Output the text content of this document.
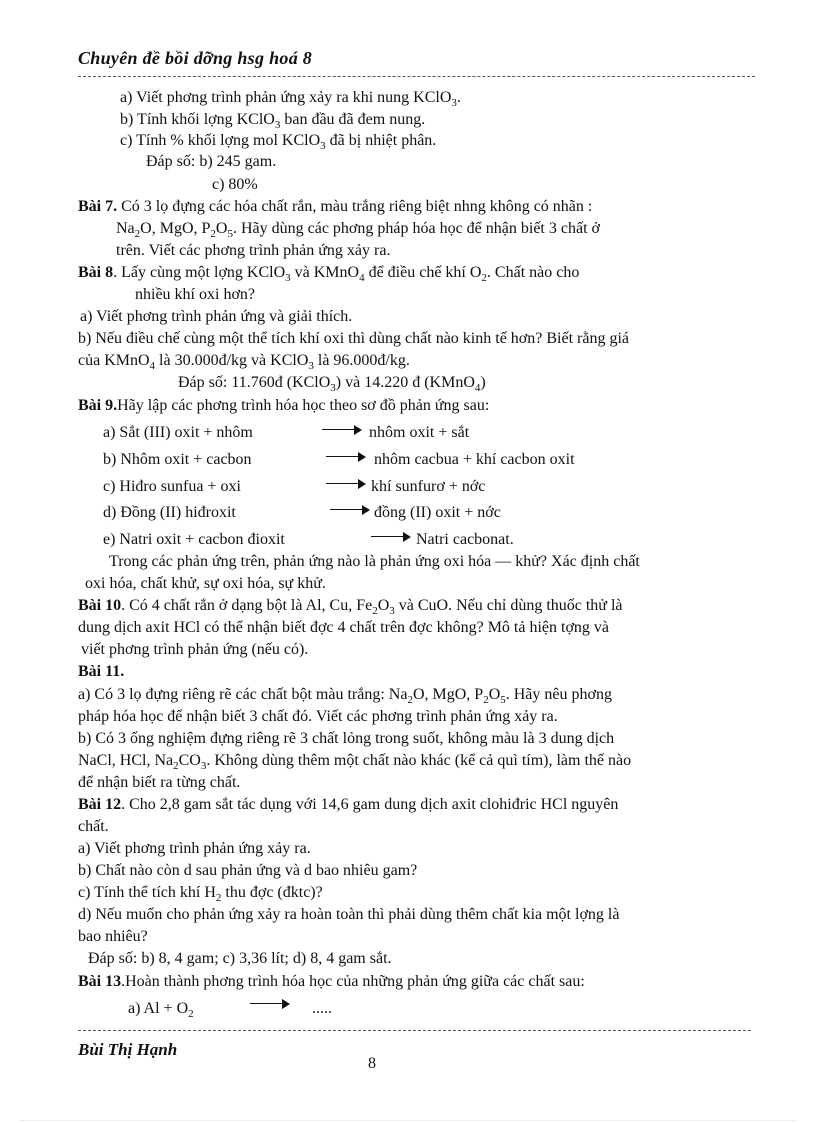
Chuyên đề bồi dỡng hsg hoá 8
a) Viết phơng trình phản ứng xảy ra khi nung KClO$_3$.
b) Tính khối lợng KClO$_3$ ban đầu đã đem nung.
c) Tính % khối lợng mol KClO$_3$ đã bị nhiệt phân.
Đáp số: b) 245 gam.
c) 80%
Bài 7. Có 3 lọ đựng các hóa chất rắn, màu trắng riêng biệt nhng không có nhãn :
$Na_2O$, MgO, $P_2O_5$. Hãy dùng các phơng pháp hóa học để nhận biết 3 chất ở
trên. Viết các phơng trình phản ứng xảy ra.
Bài 8. Lấy cùng một lợng KClO$_3$ và KMnO$_4$ để điều chế khí $O_2$. Chất nào cho
nhiều khí oxi hơn?
a) Viết phơng trình phản ứng và giải thích.
b) Nếu điều chế cùng một thể tích khí oxi thì dùng chất nào kinh tế hơn? Biết rằng giá
của KMnO$_4$ là 30.000đ/kg và KClO$_3$ là 96.000đ/kg.
Đáp số: 11.760đ (KClO$_3$) và 14.220 đ (KMnO$_4$)
Bài 9.Hãy lập các phơng trình hóa học theo sơ đồ phản ứng sau:
a) Sắt (III) oxit + nhôm	nhôm oxit + sắt
b) Nhôm oxit + cacbon	nhôm cacbua + khí cacbon oxit
c) Hiđro sunfua + oxi	khí sunfurơ + nớc
d) Đồng (II) hiđroxit	đồng (II) oxit + nớc
e) Natri oxit + cacbon đioxit	Natri cacbonat.
Trong các phản ứng trên, phản ứng nào là phản ứng oxi hóa — khử? Xác định chất
oxi hóa, chất khử, sự oxi hóa, sự khử.
Bài 10. Có 4 chất rắn ở dạng bột là Al, Cu, $Fe_2O_3$ và CuO. Nếu chỉ dùng thuốc thử là
dung dịch axit HCl có thể nhận biết đợc 4 chất trên đợc không? Mô tả hiện tợng và
viết phơng trình phản ứng (nếu có).
Bài 11.
a) Có 3 lọ đựng riêng rẽ các chất bột màu trắng: $Na_2O$, MgO, $P_2O_5$. Hãy nêu phơng
pháp hóa học để nhận biết 3 chất đó. Viết các phơng trình phản ứng xảy ra.
b) Có 3 ống nghiệm đựng riêng rẽ 3 chất lỏng trong suốt, không màu là 3 dung dịch
NaCl, HCl, $Na_2CO_3$. Không dùng thêm một chất nào khác (kể cả quì tím), làm thế nào
để nhận biết ra từng chất.
Bài 12. Cho 2,8 gam sắt tác dụng với 14,6 gam dung dịch axit clohiđric HCl nguyên
chất.
a) Viết phơng trình phản ứng xảy ra.
b) Chất nào còn d sau phản ứng và d bao nhiêu gam?
c) Tính thể tích khí $H_2$ thu đợc (đktc)?
d) Nếu muốn cho phản ứng xảy ra hoàn toàn thì phải dùng thêm chất kia một lợng là
bao nhiêu?
Đáp số: b) 8, 4 gam; c) 3,36 lít; d) 8, 4 gam sắt.
Bài 13.Hoàn thành phơng trình hóa học của những phản ứng giữa các chất sau:
a) $Al + O_2$	.....
Bùi Thị Hạnh
8
